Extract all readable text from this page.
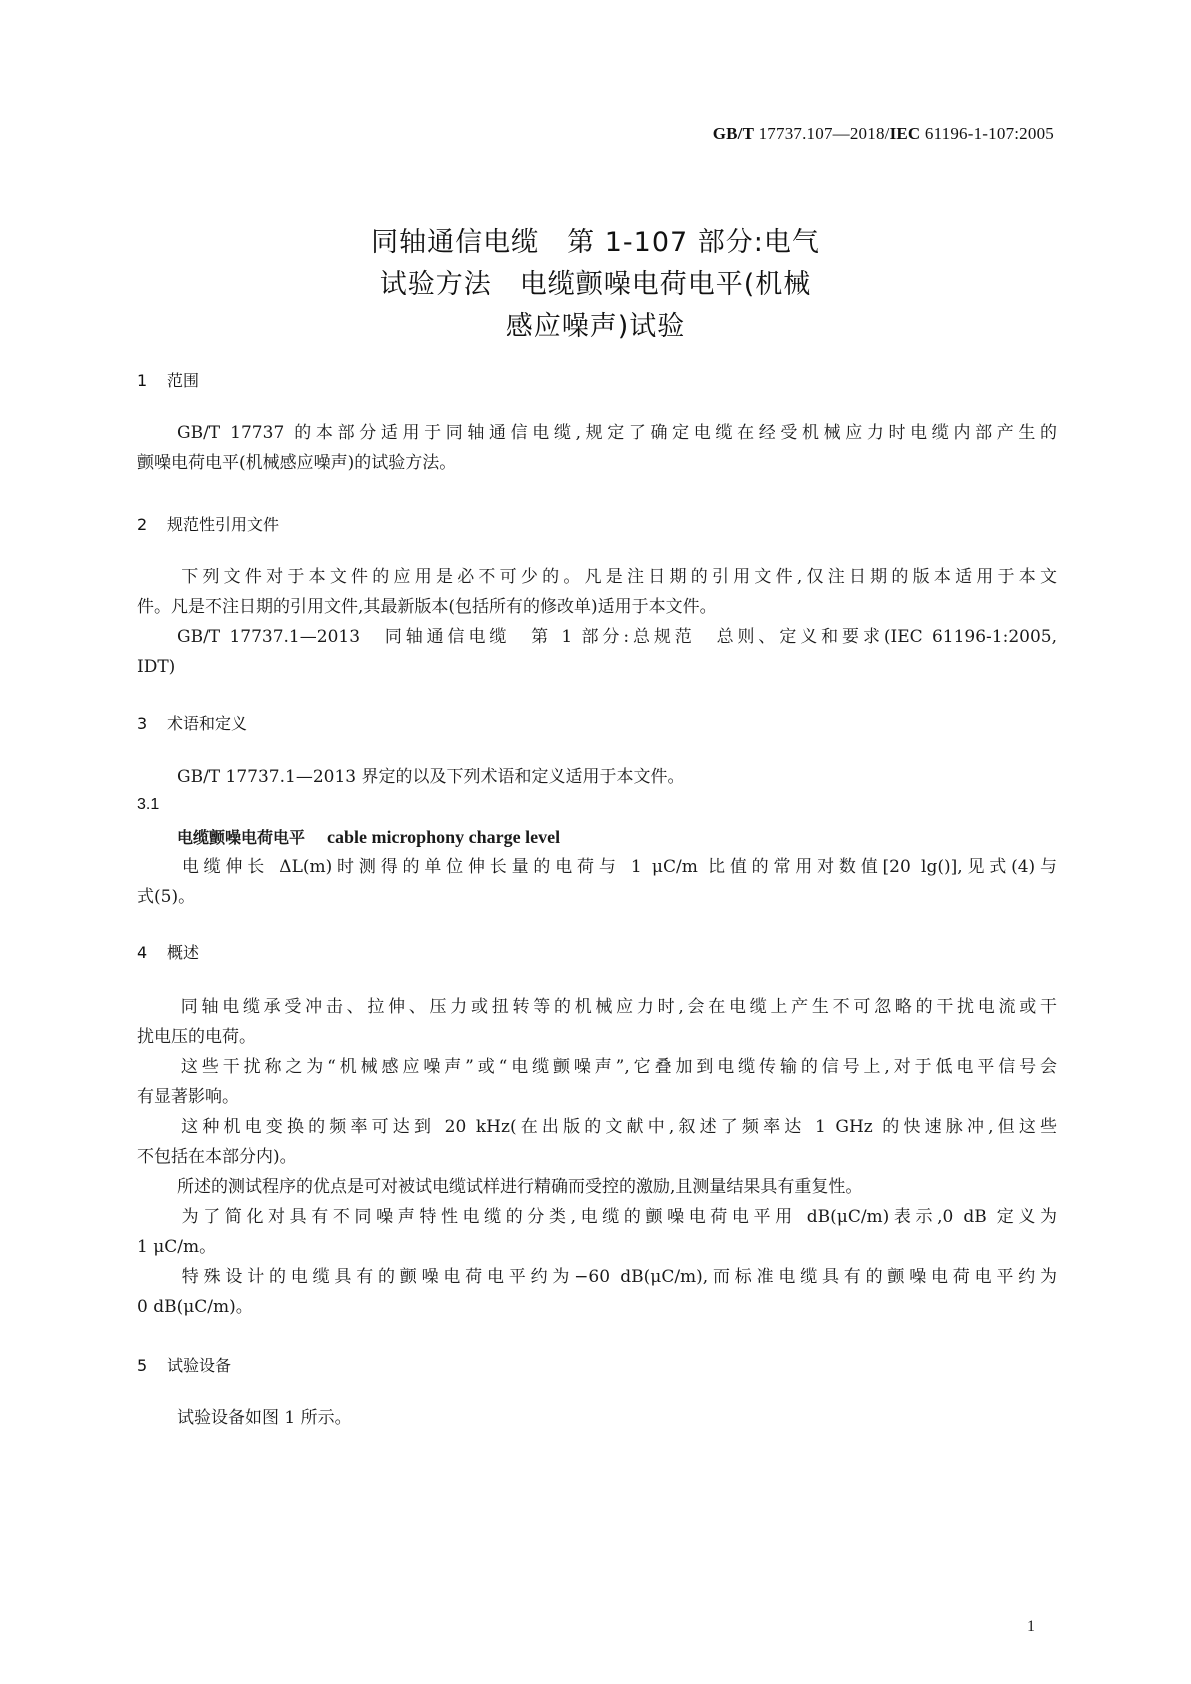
GB/T 17737.107—2018/IEC 61196-1-107:2005
同轴通信电缆　第 1-107 部分:电气
试验方法　电缆颤噪电荷电平(机械
感应噪声)试验
1 范围
GB/T 17737 的本部分适用于同轴通信电缆,规定了确定电缆在经受机械应力时电缆内部产生的
颤噪电荷电平(机械感应噪声)的试验方法。
2 规范性引用文件
下列文件对于本文件的应用是必不可少的。凡是注日期的引用文件,仅注日期的版本适用于本文
件。凡是不注日期的引用文件,其最新版本(包括所有的修改单)适用于本文件。
GB/T 17737.1—2013　同轴通信电缆　第 1 部分:总规范　总则、定义和要求(IEC 61196-1:2005,
IDT)
3 术语和定义
GB/T 17737.1—2013 界定的以及下列术语和定义适用于本文件。
3.1
电缆颤噪电荷电平 cable microphony charge level
电缆伸长 ΔL(m)时测得的单位伸长量的电荷与 1 μC/m 比值的常用对数值[20 lg()],见式(4)与
式(5)。
4 概述
同轴电缆承受冲击、拉伸、压力或扭转等的机械应力时,会在电缆上产生不可忽略的干扰电流或干
扰电压的电荷。
这些干扰称之为“机械感应噪声”或“电缆颤噪声”,它叠加到电缆传输的信号上,对于低电平信号会
有显著影响。
这种机电变换的频率可达到 20 kHz(在出版的文献中,叙述了频率达 1 GHz 的快速脉冲,但这些
不包括在本部分内)。
所述的测试程序的优点是可对被试电缆试样进行精确而受控的激励,且测量结果具有重复性。
为了简化对具有不同噪声特性电缆的分类,电缆的颤噪电荷电平用 dB(μC/m)表示,0 dB 定义为
1 μC/m。
特殊设计的电缆具有的颤噪电荷电平约为−60 dB(μC/m),而标准电缆具有的颤噪电荷电平约为
0 dB(μC/m)。
5 试验设备
试验设备如图 1 所示。
1
